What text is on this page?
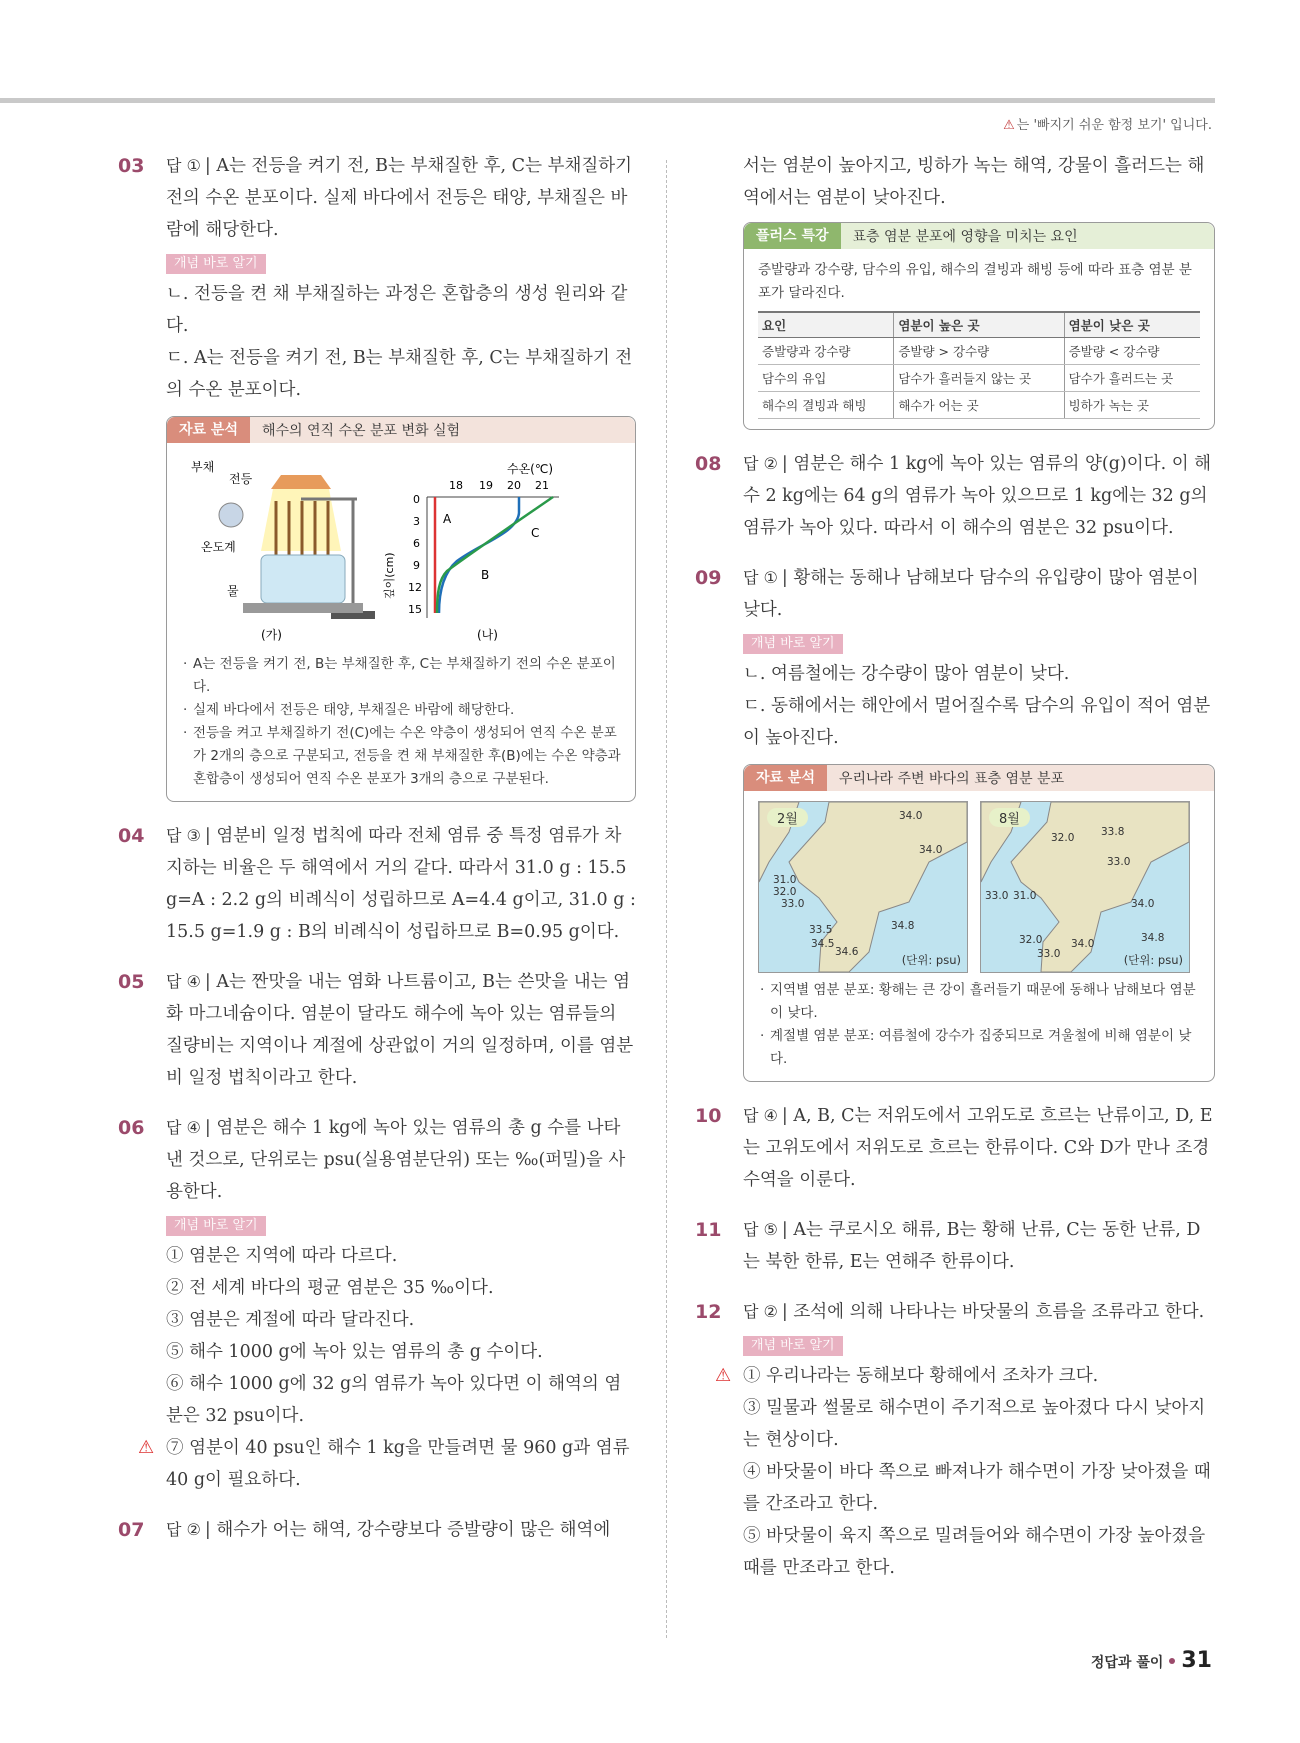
⚠ 는 '빠지기 쉬운 함정 보기' 입니다.
03 답 ① | A는 전등을 켜기 전, B는 부채질한 후, C는 부채질하기 전의 수온 분포이다. 실제 바다에서 전등은 태양, 부채질은 바람에 해당한다.

개념 바로 알기

ㄴ. 전등을 켠 채 부채질하는 과정은 혼합층의 생성 원리와 같다.

ㄷ. A는 전등을 켜기 전, B는 부채질한 후, C는 부채질하기 전의 수온 분포이다.

자료 분석	해수의 연직 수온 분포 변화 실험
부채
전등
온도계
물
(가)
수온(℃)
18 19 20 21
0
3
6
9
12
15
깊이(cm)
A
B
C
(나)
· A는 전등을 켜기 전, B는 부채질한 후, C는 부채질하기 전의 수온 분포이다.
· 실제 바다에서 전등은 태양, 부채질은 바람에 해당한다.
· 전등을 켜고 부채질하기 전(C)에는 수온 약층이 생성되어 연직 수온 분포가 2개의 층으로 구분되고, 전등을 켠 채 부채질한 후(B)에는 수온 약층과 혼합층이 생성되어 연직 수온 분포가 3개의 층으로 구분된다.
04 답 ③ | 염분비 일정 법칙에 따라 전체 염류 중 특정 염류가 차지하는 비율은 두 해역에서 거의 같다. 따라서 31.0 g : 15.5 g=A : 2.2 g의 비례식이 성립하므로 A=4.4 g이고, 31.0 g : 15.5 g=1.9 g : B의 비례식이 성립하므로 B=0.95 g이다.

05 답 ④ | A는 짠맛을 내는 염화 나트륨이고, B는 쓴맛을 내는 염화 마그네슘이다. 염분이 달라도 해수에 녹아 있는 염류들의 질량비는 지역이나 계절에 상관없이 거의 일정하며, 이를 염분비 일정 법칙이라고 한다.

06 답 ④ | 염분은 해수 1 kg에 녹아 있는 염류의 총 g 수를 나타낸 것으로, 단위로는 psu(실용염분단위) 또는 ‰(퍼밀)을 사용한다.

개념 바로 알기

① 염분은 지역에 따라 다르다.

② 전 세계 바다의 평균 염분은 35 ‰이다.

③ 염분은 계절에 따라 달라진다.

⑤ 해수 1000 g에 녹아 있는 염류의 총 g 수이다.

⑥ 해수 1000 g에 32 g의 염류가 녹아 있다면 이 해역의 염분은 32 psu이다.

⚠ ⑦ 염분이 40 psu인 해수 1 kg을 만들려면 물 960 g과 염류 40 g이 필요하다.

07 답 ② | 해수가 어는 해역, 강수량보다 증발량이 많은 해역에

서는 염분이 높아지고, 빙하가 녹는 해역, 강물이 흘러드는 해역에서는 염분이 낮아진다.

플러스 특강	표층 염분 분포에 영향을 미치는 요인

증발량과 강수량, 담수의 유입, 해수의 결빙과 해빙 등에 따라 표층 염분 분포가 달라진다.

요인	염분이 높은 곳	염분이 낮은 곳
증발량과 강수량	증발량 > 강수량	증발량 < 강수량
담수의 유입	담수가 흘러들지 않는 곳	담수가 흘러드는 곳
해수의 결빙과 해빙	해수가 어는 곳	빙하가 녹는 곳
08 답 ② | 염분은 해수 1 kg에 녹아 있는 염류의 양(g)이다. 이 해수 2 kg에는 64 g의 염류가 녹아 있으므로 1 kg에는 32 g의 염류가 녹아 있다. 따라서 이 해수의 염분은 32 psu이다.

09 답 ① | 황해는 동해나 남해보다 담수의 유입량이 많아 염분이 낮다.

개념 바로 알기

ㄴ. 여름철에는 강수량이 많아 염분이 낮다.

ㄷ. 동해에서는 해안에서 멀어질수록 담수의 유입이 적어 염분이 높아진다.

자료 분석	우리나라 주변 바다의 표층 염분 분포
2월	34.0
34.0
31.0
32.0
33.0
33.5
34.5
34.6
34.8
(단위: psu)
8월
32.0	33.8
33.0
33.0 31.0
34.0
32.0	34.0
33.0
34.8
(단위: psu)
· 지역별 염분 분포: 황해는 큰 강이 흘러들기 때문에 동해나 남해보다 염분이 낮다.
· 계절별 염분 분포: 여름철에 강수가 집중되므로 겨울철에 비해 염분이 낮다.
10 답 ④ | A, B, C는 저위도에서 고위도로 흐르는 난류이고, D, E는 고위도에서 저위도로 흐르는 한류이다. C와 D가 만나 조경 수역을 이룬다.

11 답 ⑤ | A는 쿠로시오 해류, B는 황해 난류, C는 동한 난류, D는 북한 한류, E는 연해주 한류이다.

12 답 ② | 조석에 의해 나타나는 바닷물의 흐름을 조류라고 한다.

개념 바로 알기

⚠ ① 우리나라는 동해보다 황해에서 조차가 크다.

③ 밀물과 썰물로 해수면이 주기적으로 높아졌다 다시 낮아지는 현상이다.

④ 바닷물이 바다 쪽으로 빠져나가 해수면이 가장 낮아졌을 때를 간조라고 한다.

⑤ 바닷물이 육지 쪽으로 밀려들어와 해수면이 가장 높아졌을 때를 만조라고 한다.

정답과 풀이 31
